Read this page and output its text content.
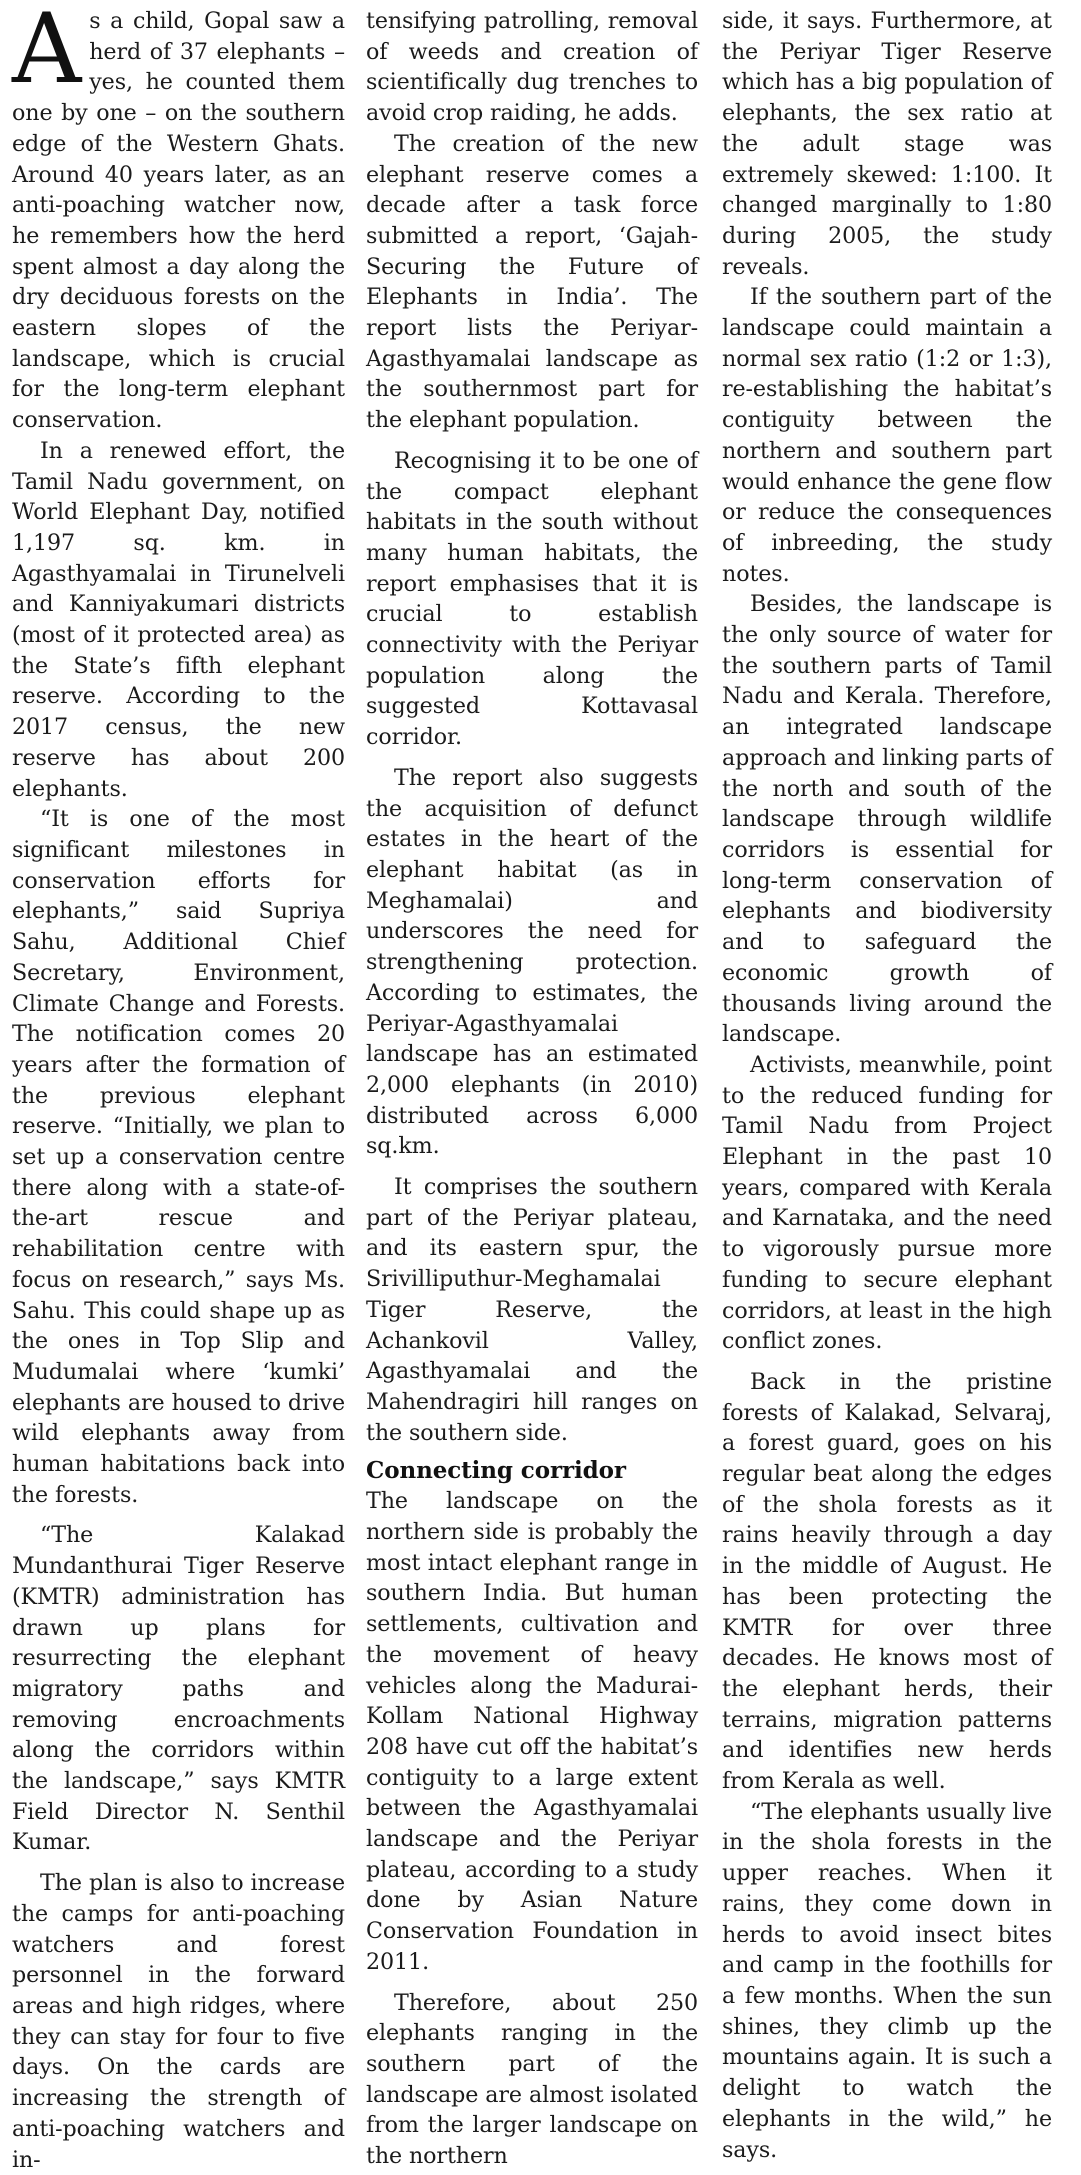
As a child, Gopal saw a herd of 37 elephants – yes, he counted them one by one – on the southern edge of the Western Ghats. Around 40 years later, as an anti-poaching watcher now, he remembers how the herd spent almost a day along the dry deciduous forests on the eastern slopes of the landscape, which is crucial for the long-term elephant conservation.

In a renewed effort, the Tamil Nadu government, on World Elephant Day, notified 1,197 sq. km. in Agasthyamalai in Tirunelveli and Kanniyakumari districts (most of it protected area) as the State’s fifth elephant reserve. According to the 2017 census, the new reserve has about 200 elephants.

“It is one of the most significant milestones in conservation efforts for elephants,” said Supriya Sahu, Additional Chief Secretary, Environment, Climate Change and Forests. The notification comes 20 years after the formation of the previous elephant reserve. “Initially, we plan to set up a conservation centre there along with a state-of-the-art rescue and rehabilitation centre with focus on research,” says Ms. Sahu. This could shape up as the ones in Top Slip and Mudumalai where ‘kumki’ elephants are housed to drive wild elephants away from human habitations back into the forests.

“The Kalakad Mundanthurai Tiger Reserve (KMTR) administration has drawn up plans for resurrecting the elephant migratory paths and removing encroachments along the corridors within the landscape,” says KMTR Field Director N. Senthil Kumar.

The plan is also to increase the camps for anti-poaching watchers and forest personnel in the forward areas and high ridges, where they can stay for four to five days. On the cards are increasing the strength of anti-poaching watchers and in-

tensifying patrolling, removal of weeds and creation of scientifically dug trenches to avoid crop raiding, he adds.

The creation of the new elephant reserve comes a decade after a task force submitted a report, ‘Gajah-Securing the Future of Elephants in India’. The report lists the Periyar-Agasthyamalai landscape as the southernmost part for the elephant population.

Recognising it to be one of the compact elephant habitats in the south without many human habitats, the report emphasises that it is crucial to establish connectivity with the Periyar population along the suggested Kottavasal corridor.

The report also suggests the acquisition of defunct estates in the heart of the elephant habitat (as in Meghamalai) and underscores the need for strengthening protection. According to estimates, the Periyar-Agasthyamalai landscape has an estimated 2,000 elephants (in 2010) distributed across 6,000 sq.km.

It comprises the southern part of the Periyar plateau, and its eastern spur, the Srivilliputhur-Meghamalai Tiger Reserve, the Achankovil Valley, Agasthyamalai and the Mahendragiri hill ranges on the southern side.

Connecting corridor

The landscape on the northern side is probably the most intact elephant range in southern India. But human settlements, cultivation and the movement of heavy vehicles along the Madurai-Kollam National Highway 208 have cut off the habitat’s contiguity to a large extent between the Agasthyamalai landscape and the Periyar plateau, according to a study done by Asian Nature Conservation Foundation in 2011.

Therefore, about 250 elephants ranging in the southern part of the landscape are almost isolated from the larger landscape on the northern

side, it says. Furthermore, at the Periyar Tiger Reserve which has a big population of elephants, the sex ratio at the adult stage was extremely skewed: 1:100. It changed marginally to 1:80 during 2005, the study reveals.

If the southern part of the landscape could maintain a normal sex ratio (1:2 or 1:3), re-establishing the habitat’s contiguity between the northern and southern part would enhance the gene flow or reduce the consequences of inbreeding, the study notes.

Besides, the landscape is the only source of water for the southern parts of Tamil Nadu and Kerala. Therefore, an integrated landscape approach and linking parts of the north and south of the landscape through wildlife corridors is essential for long-term conservation of elephants and biodiversity and to safeguard the economic growth of thousands living around the landscape.

Activists, meanwhile, point to the reduced funding for Tamil Nadu from Project Elephant in the past 10 years, compared with Kerala and Karnataka, and the need to vigorously pursue more funding to secure elephant corridors, at least in the high conflict zones.

Back in the pristine forests of Kalakad, Selvaraj, a forest guard, goes on his regular beat along the edges of the shola forests as it rains heavily through a day in the middle of August. He has been protecting the KMTR for over three decades. He knows most of the elephant herds, their terrains, migration patterns and identifies new herds from Kerala as well.

“The elephants usually live in the shola forests in the upper reaches. When it rains, they come down in herds to avoid insect bites and camp in the foothills for a few months. When the sun shines, they climb up the mountains again. It is such a delight to watch the elephants in the wild,” he says.
